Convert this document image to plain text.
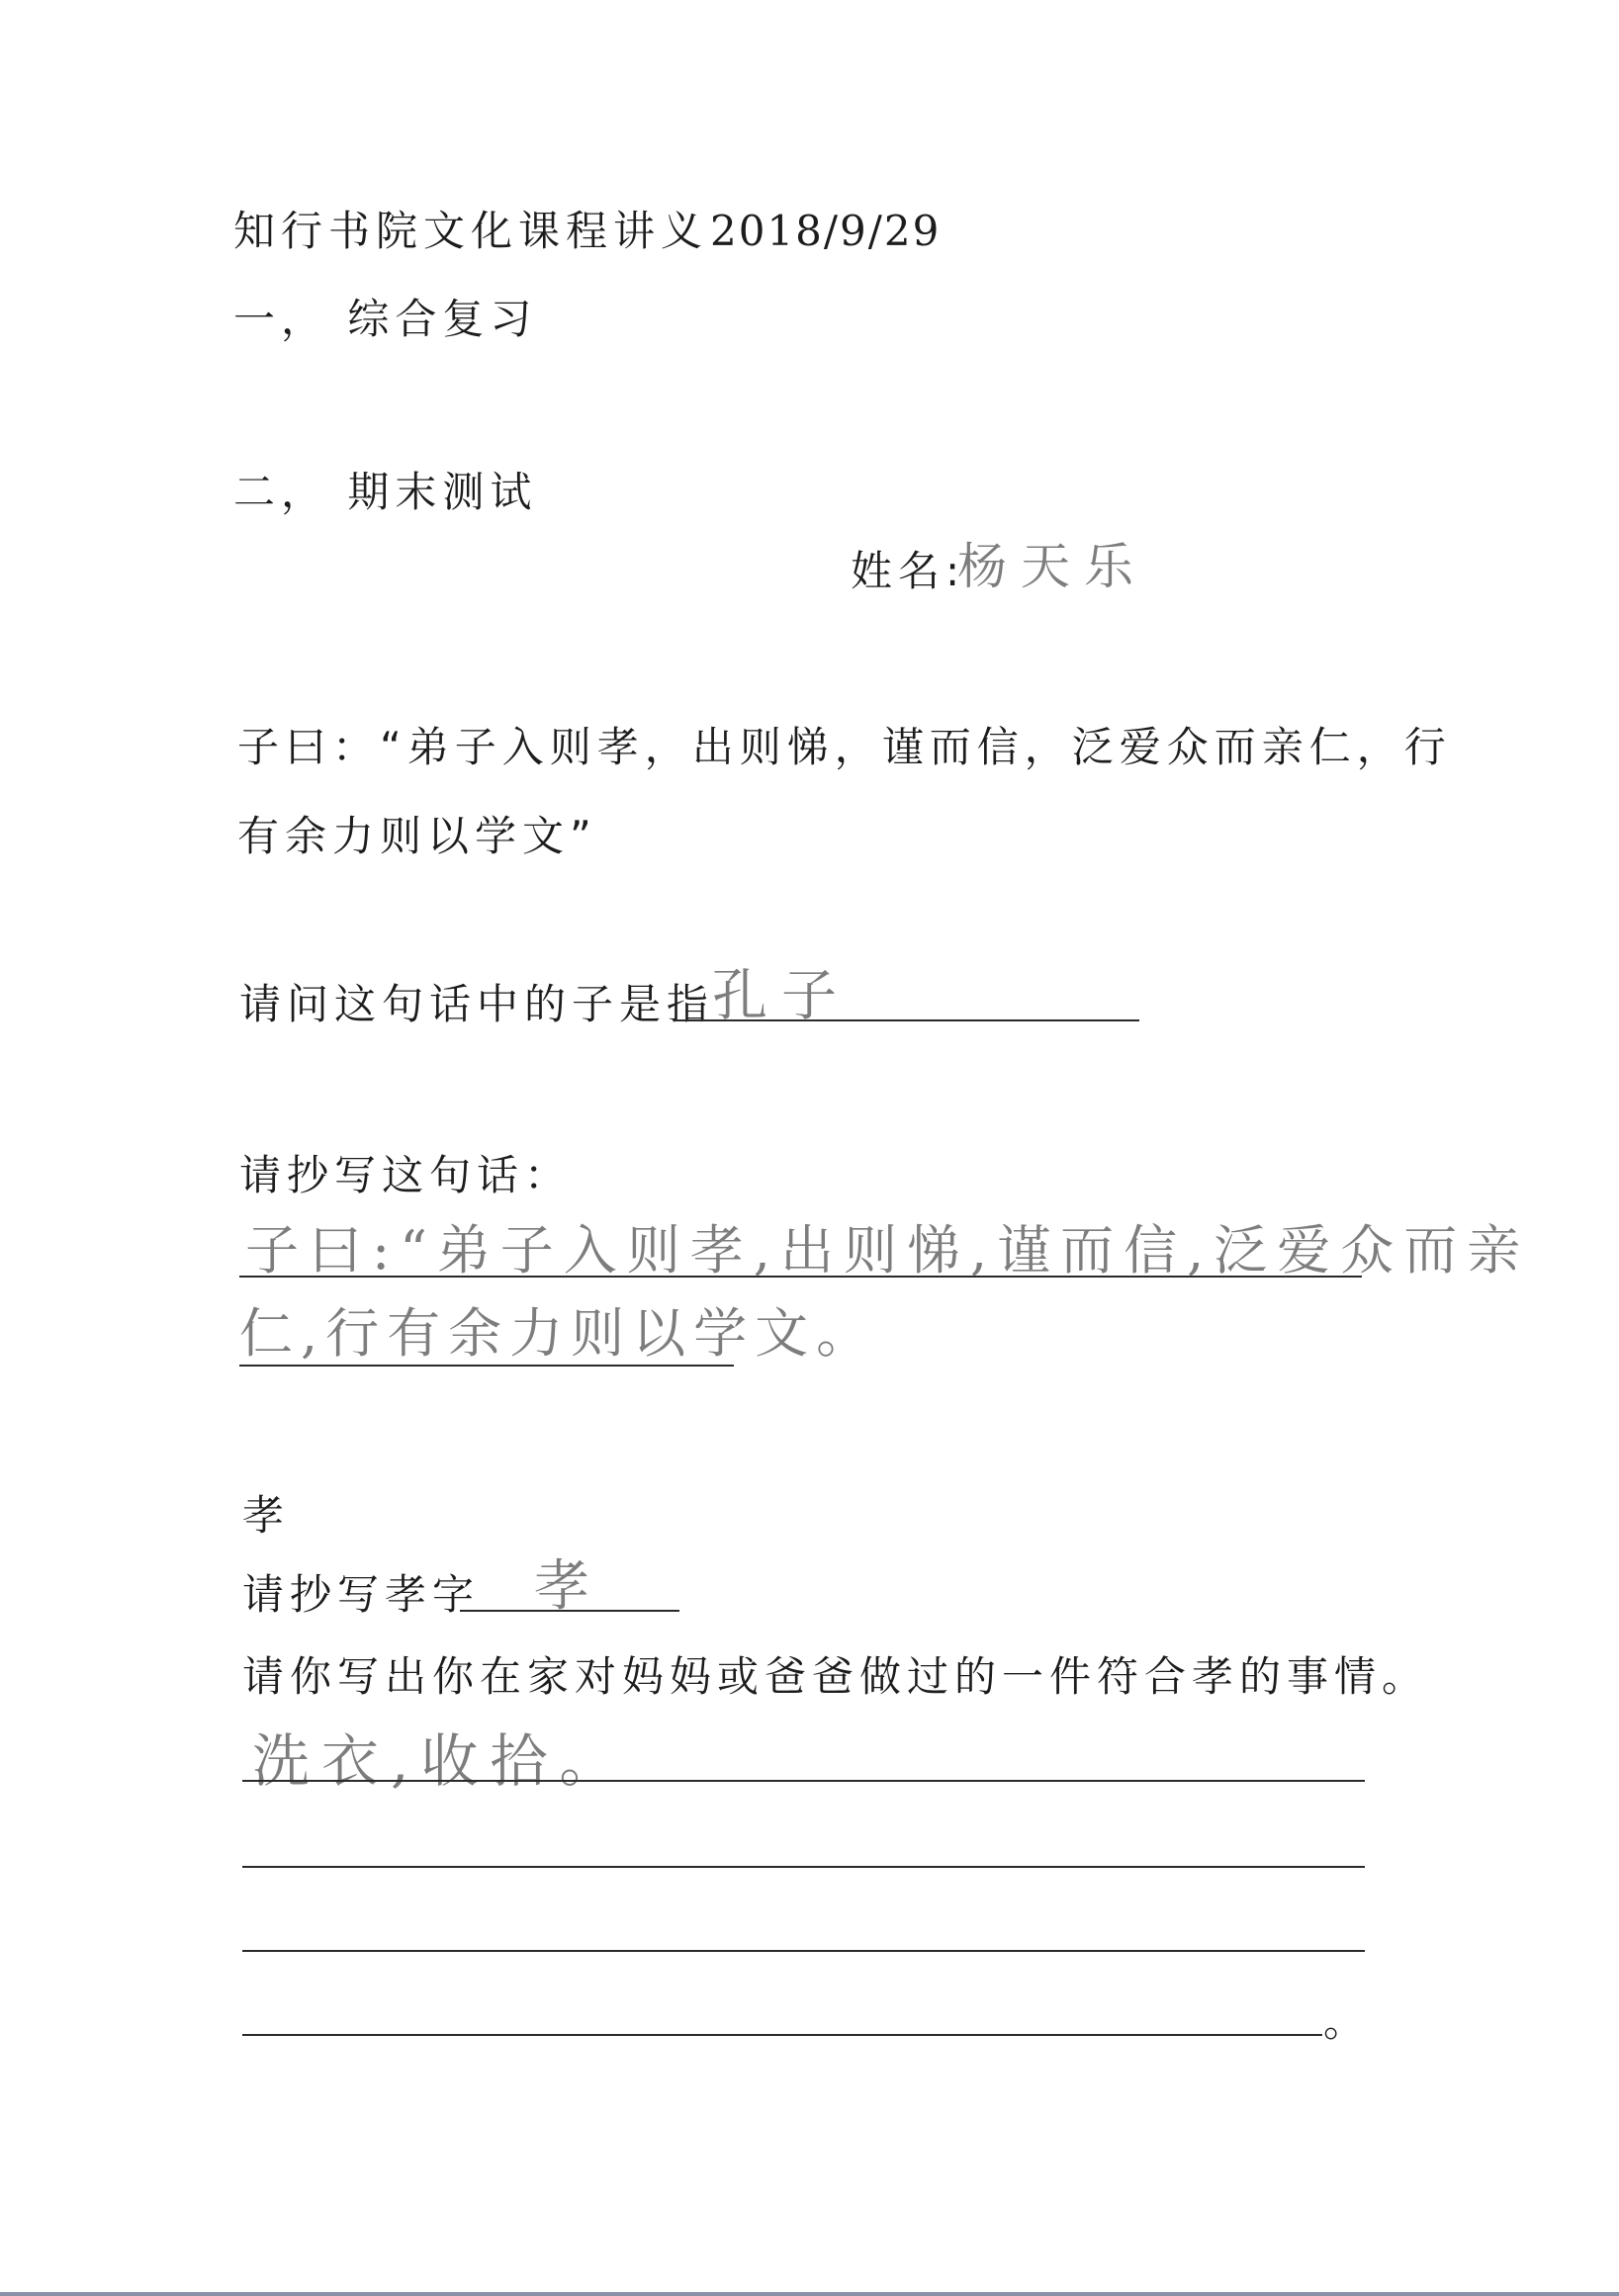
知行书院文化课程讲义 2018/9/29
一， 综合复习
二， 期末测试
姓名:
杨天乐
子曰：“弟子入则孝，出则悌，谨而信，泛爱众而亲仁，行
有余力则以学文”
请问这句话中的子是指
孔子
请抄写这句话：
子曰:“弟子入则孝,出则悌,谨而信,泛爱众而亲
仁,行有余力则以学文。
孝
请抄写孝字 孝
请你写出你在家对妈妈或爸爸做过的一件符合孝的事情。
洗衣,收拾。
。
